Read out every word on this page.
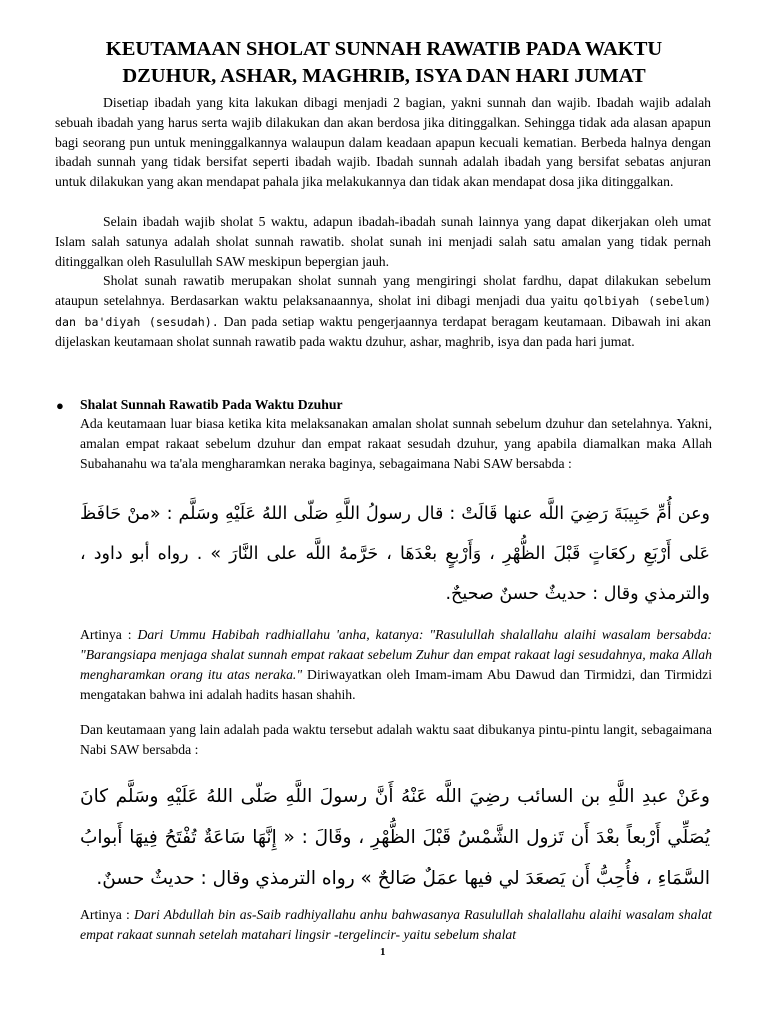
KEUTAMAAN SHOLAT SUNNAH RAWATIB PADA WAKTU
DZUHUR, ASHAR, MAGHRIB, ISYA DAN HARI JUMAT
Disetiap ibadah yang kita lakukan dibagi menjadi 2 bagian, yakni sunnah dan wajib. Ibadah wajib adalah sebuah ibadah yang harus serta wajib dilakukan dan akan berdosa jika ditinggalkan. Sehingga tidak ada alasan apapun bagi seorang pun untuk meninggalkannya walaupun dalam keadaan apapun kecuali kematian. Berbeda halnya dengan ibadah sunnah yang tidak bersifat seperti ibadah wajib. Ibadah sunnah adalah ibadah yang bersifat sebatas anjuran untuk dilakukan yang akan mendapat pahala jika melakukannya dan tidak akan mendapat dosa jika ditinggalkan.
Selain ibadah wajib sholat 5 waktu, adapun ibadah-ibadah sunah lainnya yang dapat dikerjakan oleh umat Islam salah satunya adalah sholat sunnah rawatib. sholat sunah ini menjadi salah satu amalan yang tidak pernah ditinggalkan oleh Rasulullah SAW meskipun bepergian jauh.
Sholat sunah rawatib merupakan sholat sunnah yang mengiringi sholat fardhu, dapat dilakukan sebelum ataupun setelahnya. Berdasarkan waktu pelaksanaannya, sholat ini dibagi menjadi dua yaitu qolbiyah (sebelum) dan ba'diyah (sesudah). Dan pada setiap waktu pengerjaannya terdapat beragam keutamaan. Dibawah ini akan dijelaskan keutamaan sholat sunnah rawatib pada waktu dzuhur, ashar, maghrib, isya dan pada hari jumat.
● Shalat Sunnah Rawatib Pada Waktu Dzuhur
Ada keutamaan luar biasa ketika kita melaksanakan amalan sholat sunnah sebelum dzuhur dan setelahnya. Yakni, amalan empat rakaat sebelum dzuhur dan empat rakaat sesudah dzuhur, yang apabila diamalkan maka Allah Subahanahu wa ta'ala mengharamkan neraka baginya, sebagaimana Nabi SAW bersabda :
وعن أُمِّ حَبِيبَةَ رَضِيَ اللَّه عنها قَالَتْ : قال رسولُ اللَّهِ صَلّى اللهُ عَلَيْهِ وسَلَّم : «منْ حَافَظَ عَلى أَرْبَعِ ركعَاتٍ قَبْلَ الظُّهْرِ ، وَأَرْبعٍ بعْدَهَا ، حَرَّمهُ اللَّه على النَّارَ » . رواه أبو داود ، والترمذي وقال : حديثٌ حسنٌ صحيحٌ.
Artinya : Dari Ummu Habibah radhiallahu 'anha, katanya: "Rasulullah shalallahu alaihi wasalam bersabda: "Barangsiapa menjaga shalat sunnah empat rakaat sebelum Zuhur dan empat rakaat lagi sesudahnya, maka Allah mengharamkan orang itu atas neraka." Diriwayatkan oleh Imam-imam Abu Dawud dan Tirmidzi, dan Tirmidzi mengatakan bahwa ini adalah hadits hasan shahih.
Dan keutamaan yang lain adalah pada waktu tersebut adalah waktu saat dibukanya pintu-pintu langit, sebagaimana Nabi SAW bersabda :
وعَنْ عبدِ اللَّهِ بن السائب رضِيَ اللَّه عَنْهُ أَنَّ رسولَ اللَّهِ صَلّى اللهُ عَلَيْهِ وسَلَّم كانَ يُصَلِّي أَرْبعاً بعْدَ أَن تَزول الشَّمْسُ قَبْلَ الظُّهْرِ ، وقَالَ : « إِنَّهَا سَاعَةٌ تُفْتَحُ فِيهَا أَبوابُ السَّمَاءِ ، فأُحِبُّ أَن يَصعَدَ لي فيها عمَلٌ صَالحٌ » رواه الترمذي وقال : حديثٌ حسنٌ.
Artinya : Dari Abdullah bin as-Saib radhiyallahu anhu bahwasanya Rasulullah shalallahu alaihi wasalam shalat empat rakaat sunnah setelah matahari lingsir -tergelincir- yaitu sebelum shalat
1
